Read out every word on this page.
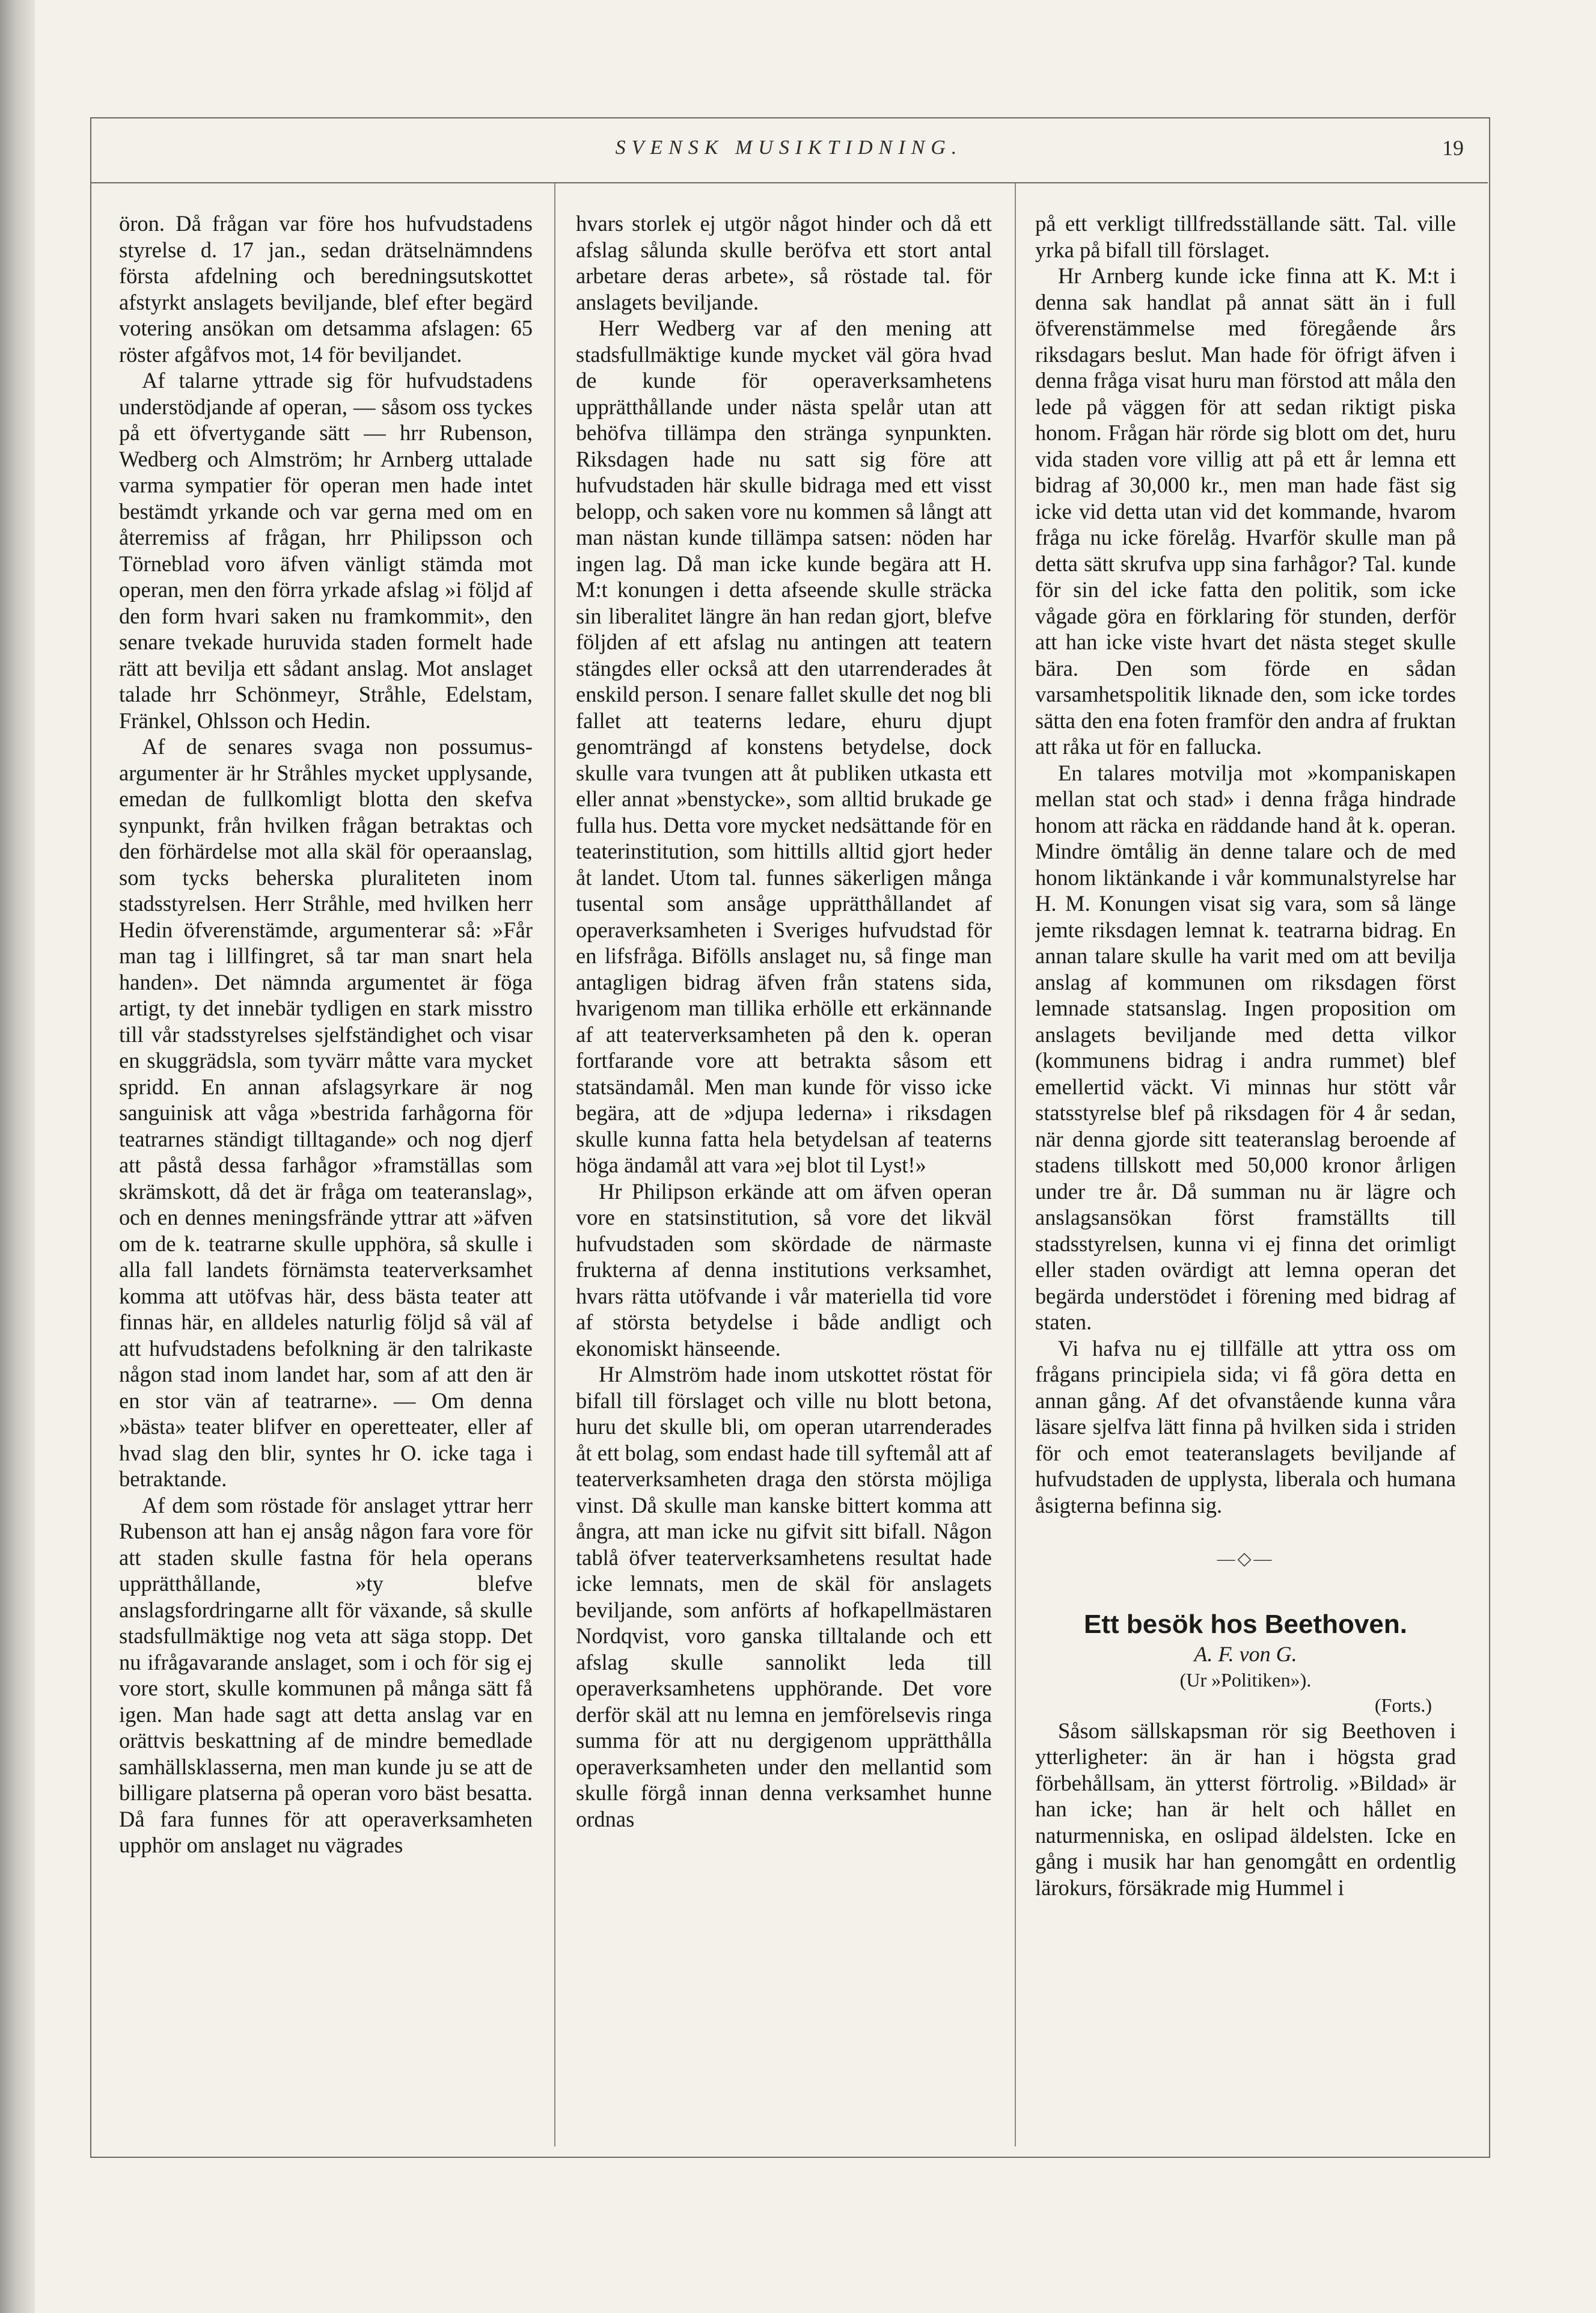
SVENSK MUSIKTIDNING.	19

öron. Då frågan var före hos hufvudstadens styrelse d. 17 jan., sedan drätselnämndens första afdelning och beredningsutskottet afstyrkt anslagets beviljande, blef efter begärd votering ansökan om detsamma afslagen: 65 röster afgåfvos mot, 14 för beviljandet.

Af talarne yttrade sig för hufvudstadens understödjande af operan, — såsom oss tyckes på ett öfvertygande sätt — hrr Rubenson, Wedberg och Almström; hr Arnberg uttalade varma sympatier för operan men hade intet bestämdt yrkande och var gerna med om en återremiss af frågan, hrr Philipsson och Törneblad voro äfven vänligt stämda mot operan, men den förra yrkade afslag »i följd af den form hvari saken nu framkommit», den senare tvekade huruvida staden formelt hade rätt att bevilja ett sådant anslag. Mot anslaget talade hrr Schönmeyr, Stråhle, Edelstam, Fränkel, Ohlsson och Hedin.

Af de senares svaga non possumus-argumenter är hr Stråhles mycket upplysande, emedan de fullkomligt blotta den skefva synpunkt, från hvilken frågan betraktas och den förhärdelse mot alla skäl för operaanslag, som tycks beherska pluraliteten inom stadsstyrelsen. Herr Stråhle, med hvilken herr Hedin öfverenstämde, argumenterar så: »Får man tag i lillfingret, så tar man snart hela handen». Det nämnda argumentet är föga artigt, ty det innebär tydligen en stark misstro till vår stadsstyrelses sjelfständighet och visar en skuggrädsla, som tyvärr måtte vara mycket spridd. En annan afslagsyrkare är nog sanguinisk att våga »bestrida farhågorna för teatrarnes ständigt tilltagande» och nog djerf att påstå dessa farhågor »framställas som skrämskott, då det är fråga om teateranslag», och en dennes meningsfrände yttrar att »äfven om de k. teatrarne skulle upphöra, så skulle i alla fall landets förnämsta teaterverksamhet komma att utöfvas här, dess bästa teater att finnas här, en alldeles naturlig följd så väl af att hufvudstadens befolkning är den talrikaste någon stad inom landet har, som af att den är en stor vän af teatrarne». — Om denna »bästa» teater blifver en operetteater, eller af hvad slag den blir, syntes hr O. icke taga i betraktande.

Af dem som röstade för anslaget yttrar herr Rubenson att han ej ansåg någon fara vore för att staden skulle fastna för hela operans upprätthållande, »ty blefve anslagsfordringarne allt för växande, så skulle stadsfullmäktige nog veta att säga stopp. Det nu ifrågavarande anslaget, som i och för sig ej vore stort, skulle kommunen på många sätt få igen. Man hade sagt att detta anslag var en orättvis beskattning af de mindre bemedlade samhällsklasserna, men man kunde ju se att de billigare platserna på operan voro bäst besatta. Då fara funnes för att operaverksamheten upphör om anslaget nu vägrades

hvars storlek ej utgör något hinder och då ett afslag sålunda skulle beröfva ett stort antal arbetare deras arbete», så röstade tal. för anslagets beviljande.

Herr Wedberg var af den mening att stadsfullmäktige kunde mycket väl göra hvad de kunde för operaverksamhetens upprätthållande under nästa spelår utan att behöfva tillämpa den stränga synpunkten. Riksdagen hade nu satt sig före att hufvudstaden här skulle bidraga med ett visst belopp, och saken vore nu kommen så långt att man nästan kunde tillämpa satsen: nöden har ingen lag. Då man icke kunde begära att H. M:t konungen i detta afseende skulle sträcka sin liberalitet längre än han redan gjort, blefve följden af ett afslag nu antingen att teatern stängdes eller också att den utarrenderades åt enskild person. I senare fallet skulle det nog bli fallet att teaterns ledare, ehuru djupt genomträngd af konstens betydelse, dock skulle vara tvungen att åt publiken utkasta ett eller annat »benstycke», som alltid brukade ge fulla hus. Detta vore mycket nedsättande för en teaterinstitution, som hittills alltid gjort heder åt landet. Utom tal. funnes säkerligen många tusental som ansåge upprätthållandet af operaverksamheten i Sveriges hufvudstad för en lifsfråga. Bifölls anslaget nu, så finge man antagligen bidrag äfven från statens sida, hvarigenom man tillika erhölle ett erkännande af att teaterverksamheten på den k. operan fortfarande vore att betrakta såsom ett statsändamål. Men man kunde för visso icke begära, att de »djupa lederna» i riksdagen skulle kunna fatta hela betydelsan af teaterns höga ändamål att vara »ej blot til Lyst!»

Hr Philipson erkände att om äfven operan vore en statsinstitution, så vore det likväl hufvudstaden som skördade de närmaste frukterna af denna institutions verksamhet, hvars rätta utöfvande i vår materiella tid vore af största betydelse i både andligt och ekonomiskt hänseende.

Hr Almström hade inom utskottet röstat för bifall till förslaget och ville nu blott betona, huru det skulle bli, om operan utarrenderades åt ett bolag, som endast hade till syftemål att af teaterverksamheten draga den största möjliga vinst. Då skulle man kanske bittert komma att ångra, att man icke nu gifvit sitt bifall. Någon tablå öfver teaterverksamhetens resultat hade icke lemnats, men de skäl för anslagets beviljande, som anförts af hofkapellmästaren Nordqvist, voro ganska tilltalande och ett afslag skulle sannolikt leda till operaverksamhetens upphörande. Det vore derför skäl att nu lemna en jemförelsevis ringa summa för att nu dergigenom upprätthålla operaverksamheten under den mellantid som skulle förgå innan denna verksamhet hunne ordnas

på ett verkligt tillfredsställande sätt. Tal. ville yrka på bifall till förslaget.

Hr Arnberg kunde icke finna att K. M:t i denna sak handlat på annat sätt än i full öfverenstämmelse med föregående års riksdagars beslut. Man hade för öfrigt äfven i denna fråga visat huru man förstod att måla den lede på väggen för att sedan riktigt piska honom. Frågan här rörde sig blott om det, huru vida staden vore villig att på ett år lemna ett bidrag af 30,000 kr., men man hade fäst sig icke vid detta utan vid det kommande, hvarom fråga nu icke förelåg. Hvarför skulle man på detta sätt skrufva upp sina farhågor? Tal. kunde för sin del icke fatta den politik, som icke vågade göra en förklaring för stunden, derför att han icke viste hvart det nästa steget skulle bära. Den som förde en sådan varsamhetspolitik liknade den, som icke tordes sätta den ena foten framför den andra af fruktan att råka ut för en fallucka.

En talares motvilja mot »kompaniskapen mellan stat och stad» i denna fråga hindrade honom att räcka en räddande hand åt k. operan. Mindre ömtålig än denne talare och de med honom liktänkande i vår kommunalstyrelse har H. M. Konungen visat sig vara, som så länge jemte riksdagen lemnat k. teatrarna bidrag. En annan talare skulle ha varit med om att bevilja anslag af kommunen om riksdagen först lemnade statsanslag. Ingen proposition om anslagets beviljande med detta vilkor (kommunens bidrag i andra rummet) blef emellertid väckt. Vi minnas hur stött vår statsstyrelse blef på riksdagen för 4 år sedan, när denna gjorde sitt teateranslag beroende af stadens tillskott med 50,000 kronor årligen under tre år. Då summan nu är lägre och anslagsansökan först framställts till stadsstyrelsen, kunna vi ej finna det orimligt eller staden ovärdigt att lemna operan det begärda understödet i förening med bidrag af staten.

Vi hafva nu ej tillfälle att yttra oss om frågans principiela sida; vi få göra detta en annan gång. Af det ofvanstående kunna våra läsare sjelfva lätt finna på hvilken sida i striden för och emot teateranslagets beviljande af hufvudstaden de upplysta, liberala och humana åsigterna befinna sig.

—◇—
Ett besök hos Beethoven.
A. F. von G.
(Ur »Politiken»).
(Forts.)

Såsom sällskapsman rör sig Beethoven i ytterligheter: än är han i högsta grad förbehållsam, än ytterst förtrolig. »Bildad» är han icke; han är helt och hållet en naturmenniska, en oslipad äldelsten. Icke en gång i musik har han genomgått en ordentlig lärokurs, försäkrade mig Hummel i
